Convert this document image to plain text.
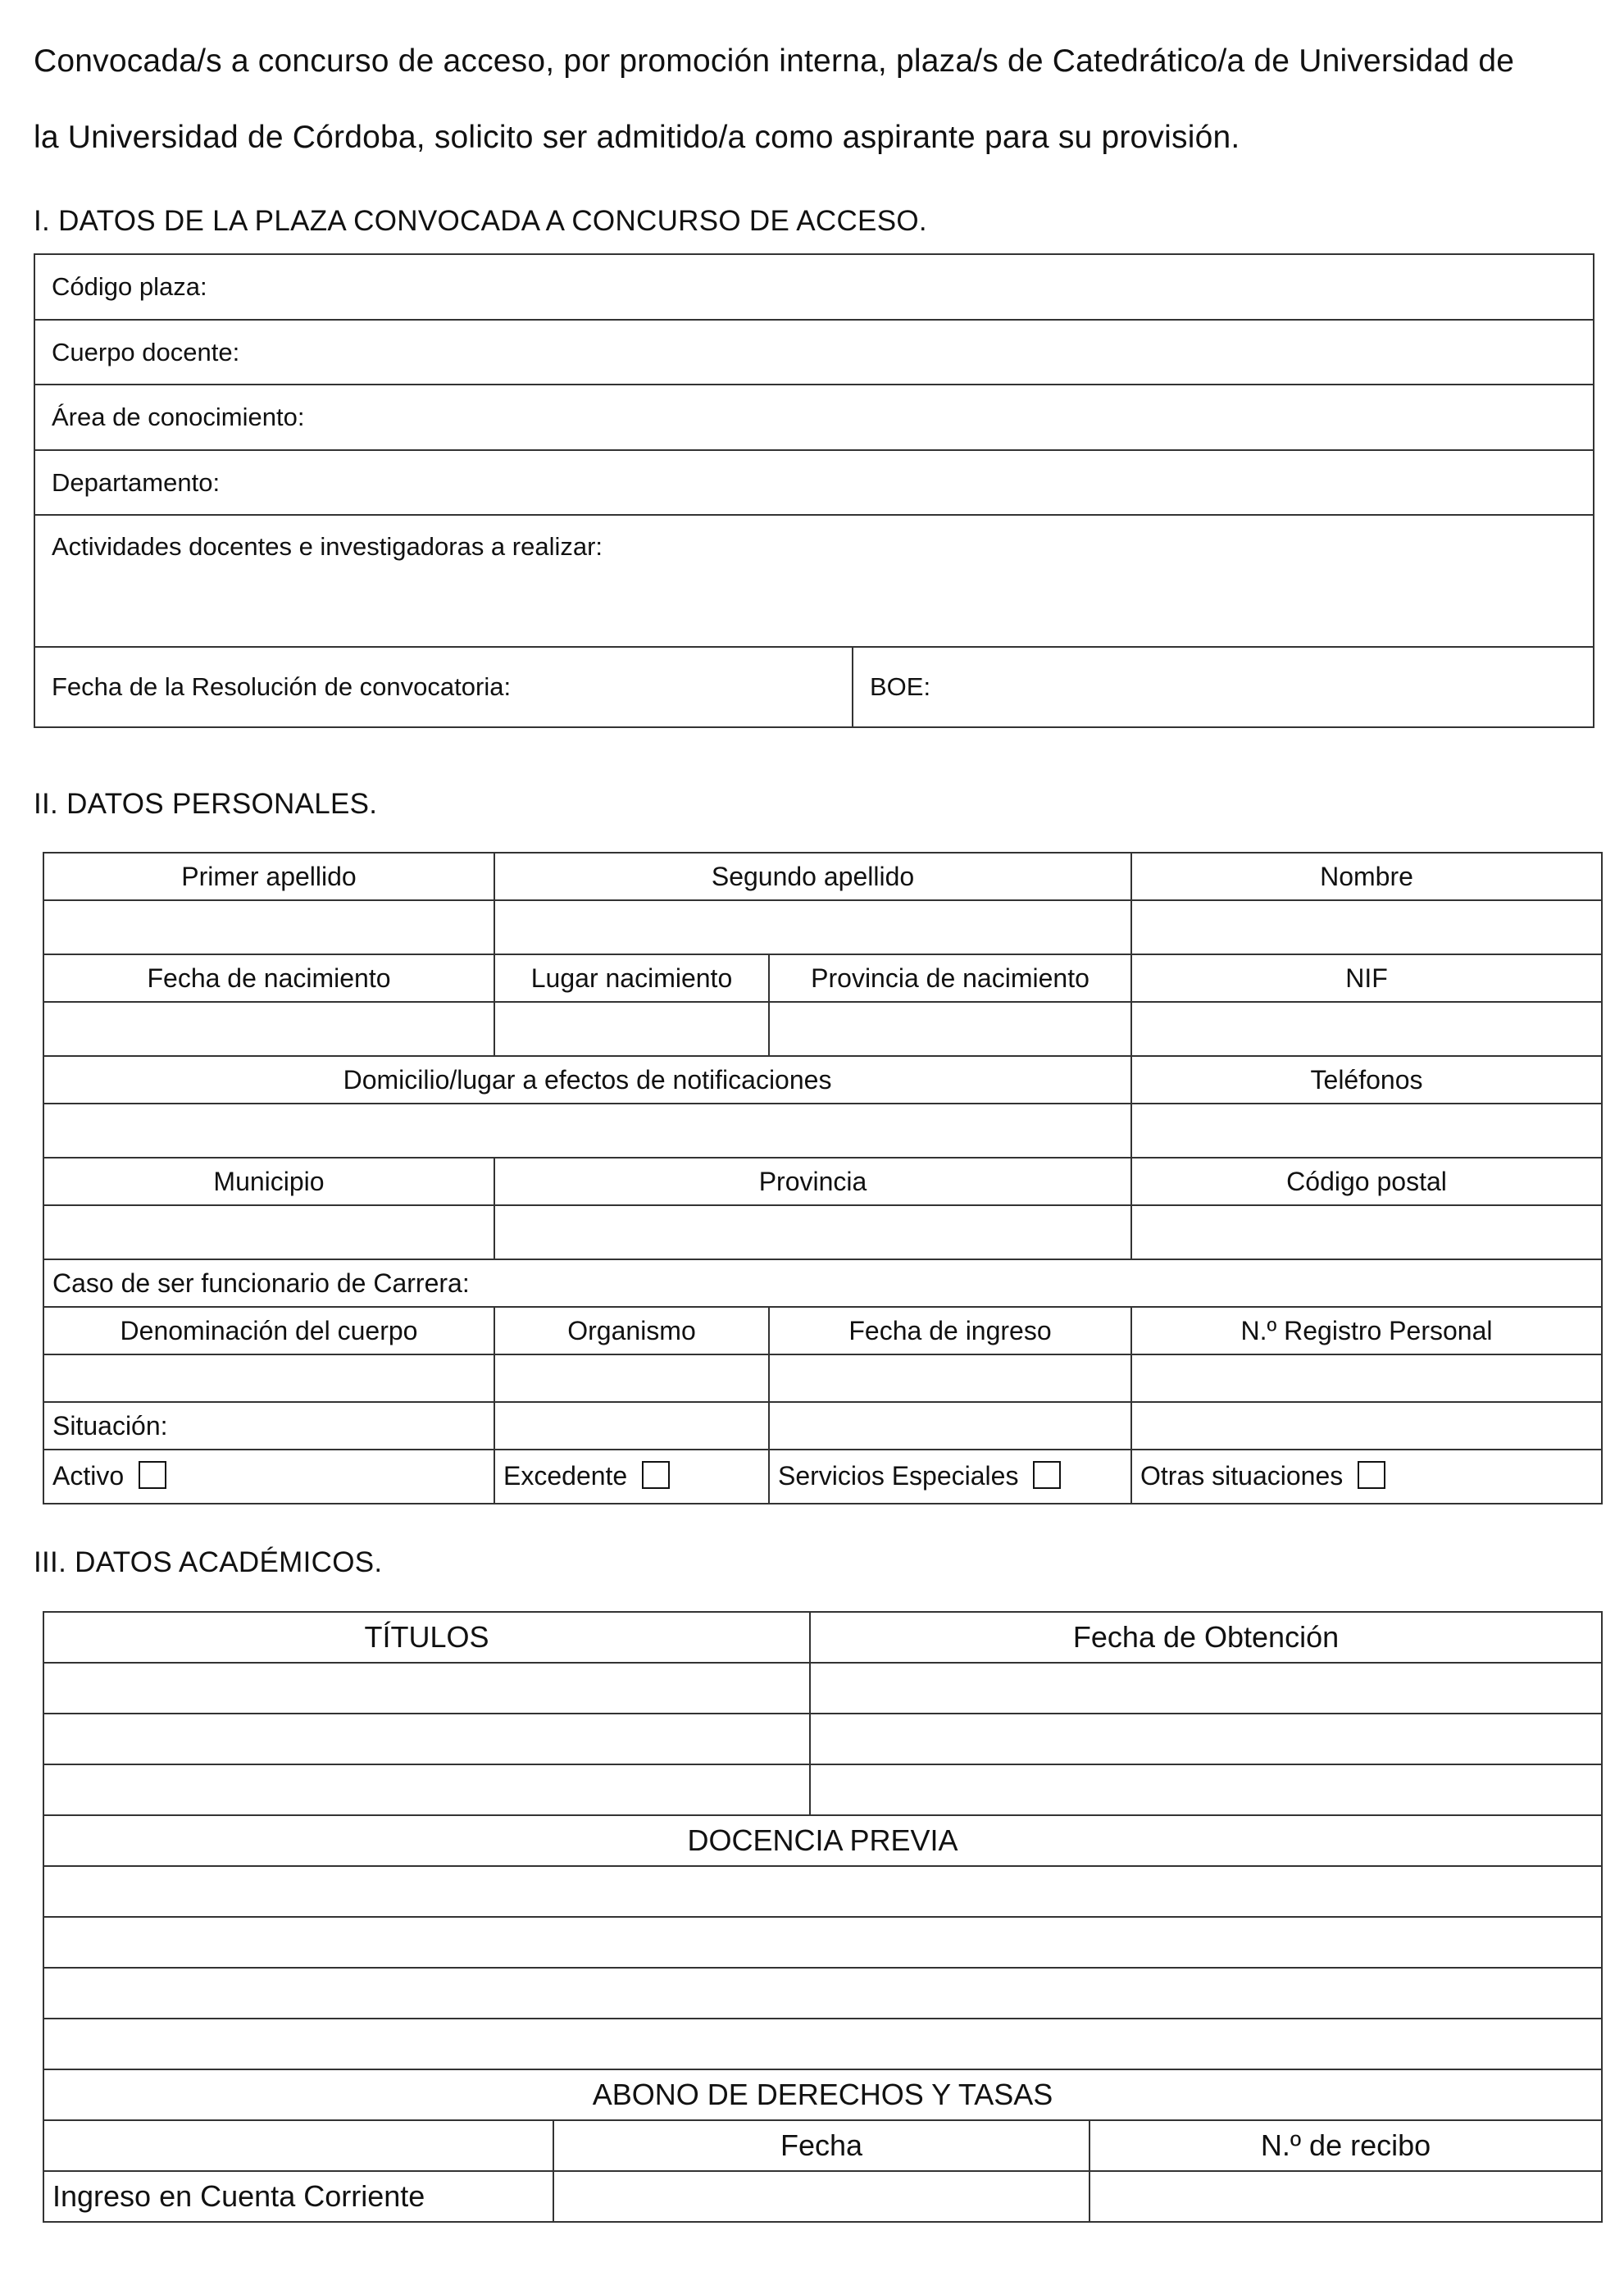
Convocada/s a concurso de acceso, por promoción interna, plaza/s de Catedrático/a de Universidad de
la Universidad de Córdoba, solicito ser admitido/a como aspirante para su provisión.
I. DATOS DE LA PLAZA CONVOCADA A CONCURSO DE ACCESO.
Código plaza:
Cuerpo docente:
Área de conocimiento:
Departamento:
Actividades docentes e investigadoras a realizar:
Fecha de la Resolución de convocatoria:	BOE:
II. DATOS PERSONALES.
Primer apellido	Segundo apellido		Nombre

Fecha de nacimiento	Lugar nacimiento	Provincia de nacimiento	NIF

Domicilio/lugar a efectos de notificaciones			Teléfonos

Municipio	Provincia		Código postal

Caso de ser funcionario de Carrera:			
Denominación del cuerpo	Organismo	Fecha de ingreso	N.º Registro Personal

Situación:			
Activo	Excedente	Servicios Especiales	Otras situaciones
III. DATOS ACADÉMICOS.
TÍTULOS		Fecha de Obtención	

DOCENCIA PREVIA			

ABONO DE DERECHOS Y TASAS			
	Fecha		N.º de recibo
Ingreso en Cuenta Corriente			
